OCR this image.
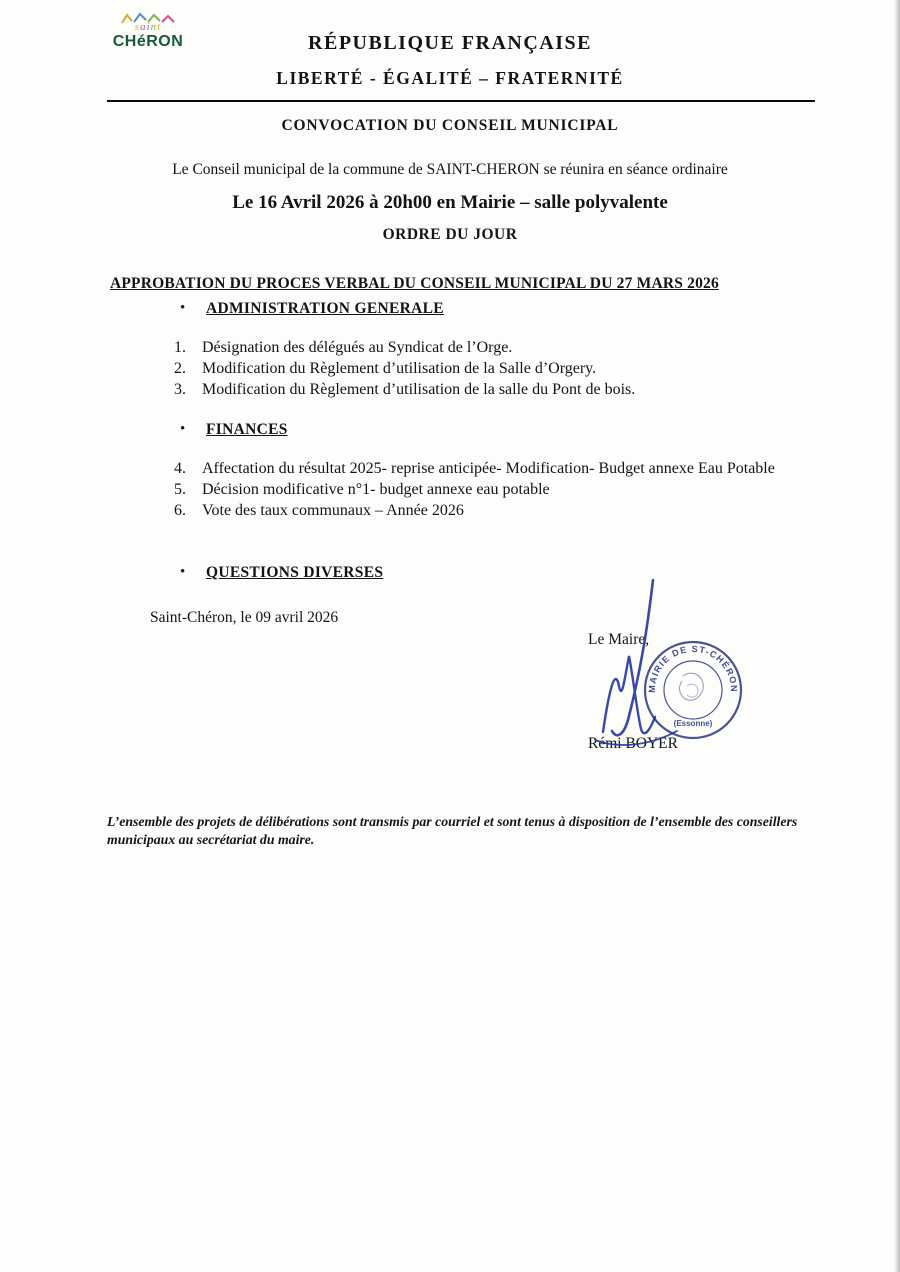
saint
CHéRON	RÉPUBLIQUE FRANÇAISE
LIBERTÉ - ÉGALITÉ – FRATERNITÉ
CONVOCATION DU CONSEIL MUNICIPAL
Le Conseil municipal de la commune de SAINT-CHERON se réunira en séance ordinaire
Le 16 Avril 2026 à 20h00 en Mairie – salle polyvalente
ORDRE DU JOUR
APPROBATION DU PROCES VERBAL DU CONSEIL MUNICIPAL DU 27 MARS 2026
•	ADMINISTRATION GENERALE
1.	Désignation des délégués au Syndicat de l’Orge.
2.	Modification du Règlement d’utilisation de la Salle d’Orgery.
3.	Modification du Règlement d’utilisation de la salle du Pont de bois.
•	FINANCES
4.	Affectation du résultat 2025- reprise anticipée- Modification- Budget annexe Eau Potable
5.	Décision modificative n°1- budget annexe eau potable
6.	Vote des taux communaux – Année 2026
•	QUESTIONS DIVERSES
Saint-Chéron, le 09 avril 2026
Le Maire,
Rémi BOYER
MAIRIE DE ST-CHÉRON
(Essonne)
L’ensemble des projets de délibérations sont transmis par courriel et sont tenus à disposition de l’ensemble des conseillers municipaux au secrétariat du maire.
